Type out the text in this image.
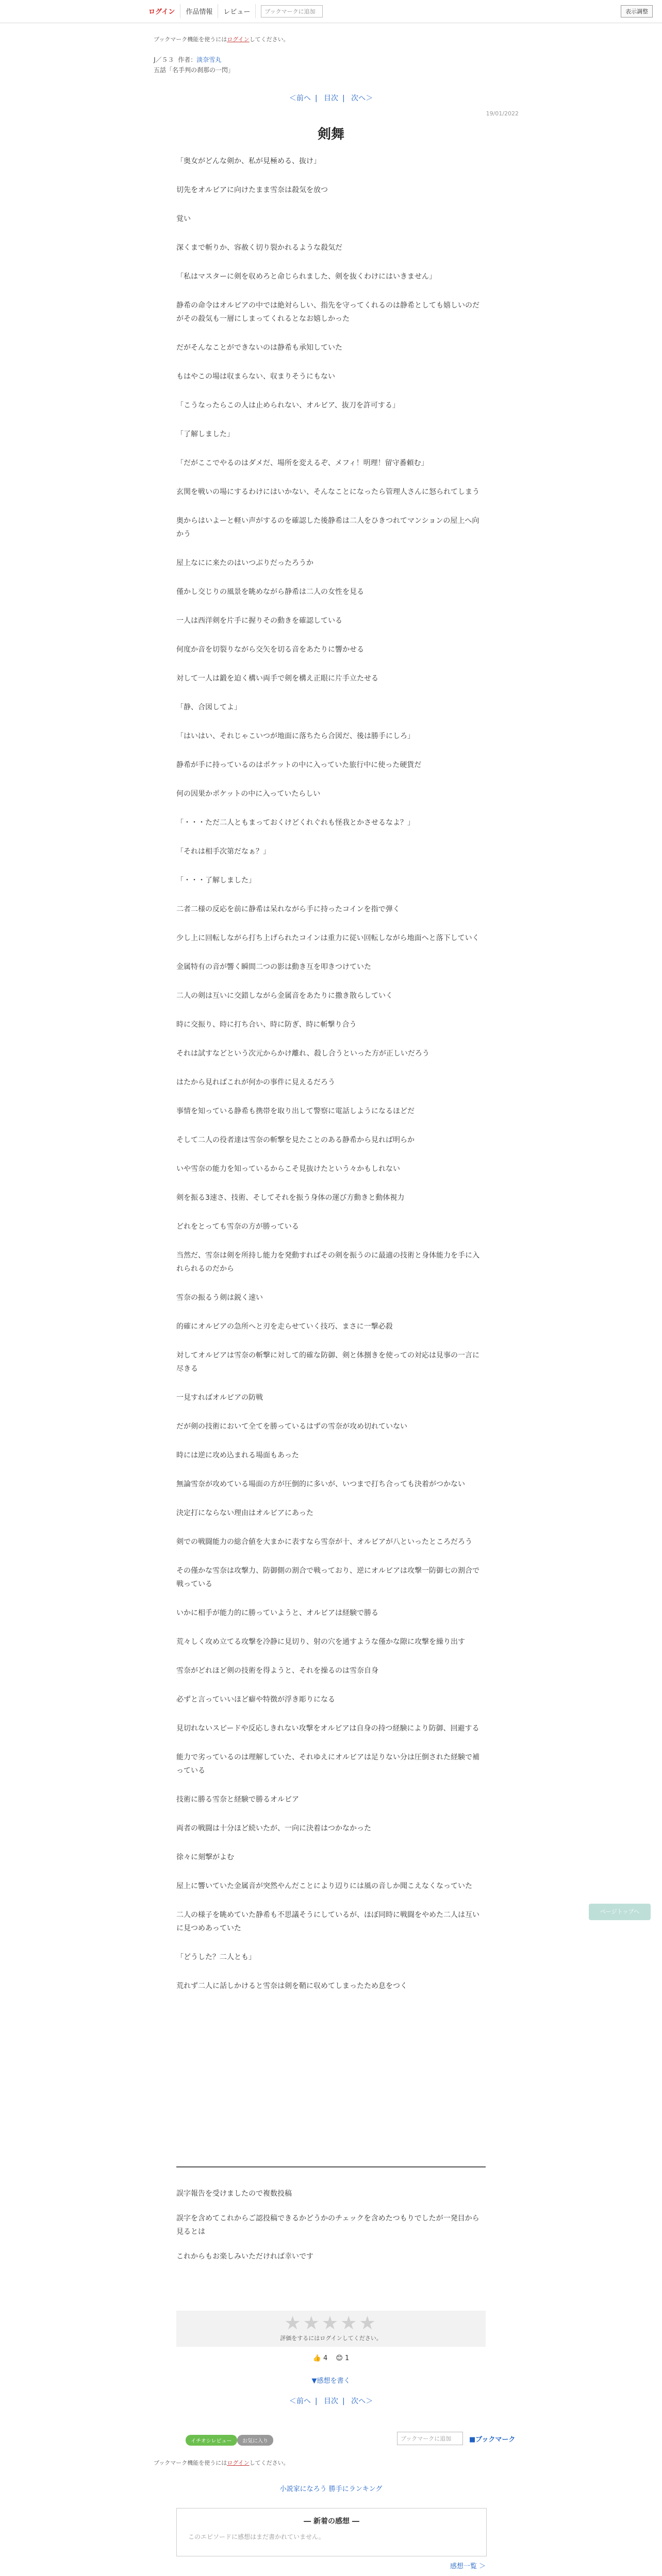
ログイン	作品情報	レビュー	ブックマークに追加	表示調整
ブックマーク機能を使うにはログインしてください。
J／５３ 作者：淡奈雪丸
五話「名手判の刹那の一閃」
＜前へ | 目次 | 次へ＞
19/01/2022
剣舞

「奥女がどんな剣か、私が見極める、抜け」

切先をオルビアに向けたまま雪奈は殺気を放つ

覚い

深くまで斬りか、容赦く切り裂かれるような殺気だ

「私はマスターに剣を収めろと命じられました、剣を抜くわけにはいきません」

静希の命令はオルビアの中では絶対らしい、指先を守ってくれるのは静希としても嬉しいのだがその殺気も一層にしまってくれるとなお嬉しかった

だがそんなことができないのは静希も承知していた

もはやこの場は収まらない、収まりそうにもない

「こうなったらこの人は止められない、オルビア、抜刀を許可する」

「了解しました」

「だがここでやるのはダメだ、場所を変えるぞ、メフィ！明理！留守番頼む」

玄関を戦いの場にするわけにはいかない、そんなことになったら管理人さんに怒られてしまう

奥からはいよーと軽い声がするのを確認した後静希は二人をひきつれてマンションの屋上へ向かう

屋上なにに来たのはいつぶりだったろうか

僅かし交じりの風景を眺めながら静希は二人の女性を見る

一人は西洋剣を片手に握りその動きを確認している

何度か音を切裂りながら交矢を切る音をあたりに響かせる

対して一人は鍛を迫く構い両手で剣を構え正眼に片手立たせる

「静、合図してよ」

「はいはい、それじゃこいつが地面に落ちたら合図だ、後は勝手にしろ」

静希が手に持っているのはポケットの中に入っていた旅行中に使った硬貨だ

何の因果かポケットの中に入っていたらしい

「・・・ただ二人ともまっておくけどくれぐれも怪我とかさせるなよ？」

「それは相手次第だなぁ？」

「・・・了解しました」

二者二様の反応を前に静希は呆れながら手に持ったコインを指で弾く

少し上に回転しながら打ち上げられたコインは重力に従い回転しながら地面へと落下していく

金属特有の音が響く瞬間二つの影は動き互を叩きつけていた

二人の剣は互いに交錯しながら金属音をあたりに撒き散らしていく

時に交振り、時に打ち合い、時に防ぎ、時に斬撃り合う

それは試すなどという次元からかけ離れ、殺し合うといった方が正しいだろう

はたから見ればこれが何かの事件に見えるだろう

事情を知っている静希も携帯を取り出して警察に電話しようになるほどだ

そして二人の役者達は雪奈の斬撃を見たことのある静希から見れば明らか

いや雪奈の能力を知っているからこそ見抜けたという々かもしれない

剣を振る3速さ、技術、そしてそれを振う身体の運び方動きと動体視力

どれをとっても雪奈の方が勝っている

当然だ、雪奈は剣を所持し能力を発動すればその剣を振うのに最適の技術と身体能力を手に入れられるのだから

雪奈の振るう剣は鋭く速い

的確にオルビアの急所へと刃を走らせていく技巧、まさに一撃必殺

対してオルビアは雪奈の斬撃に対して的確な防御、剣と体捌きを使っての対応は見事の一言に尽きる

一見すればオルビアの防戦

だが剣の技術において全てを勝っているはずの雪奈が攻め切れていない

時には逆に攻め込まれる場面もあった

無論雪奈が攻めている場面の方が圧倒的に多いが、いつまで打ち合っても決着がつかない

決定打にならない理由はオルビアにあった

剣での戦闘能力の総合値を大まかに表すなら雪奈が十、オルビアが八といったところだろう

その僅かな雪奈は攻撃力、防御側の割合で戦っており、逆にオルビアは攻撃一防御七の割合で戦っている

いかに相手が能力的に勝っていようと、オルビアは経験で勝る

荒々しく攻め立てる攻撃を冷静に見切り、射の穴を通すような僅かな隙に攻撃を繰り出す

雪奈がどれほど剣の技術を得ようと、それを操るのは雪奈自身

必ずと言っていいほど癖や特徴が浮き彫りになる

見切れないスピードや反応しきれない攻撃をオルビアは自身の持つ経験により防御、回避する

能力で劣っているのは理解していた、それゆえにオルビアは足りない分は圧倒された経験で補っている

技術に勝る雪奈と経験で勝るオルビア

両者の戦闘は十分ほど続いたが、一向に決着はつかなかった

徐々に刻撃がよむ

屋上に響いていた金属音が突然やんだことにより辺りには風の音しか聞こえなくなっていた

二人の様子を眺めていた静希も不思議そうにしているが、ほぼ同時に戦闘をやめた二人は互いに見つめあっていた

「どうした？二人とも」

荒れず二人に話しかけると雪奈は剣を鞘に収めてしまったため息をつく

誤字報告を受けましたので複数投稿

誤字を含めてこれからご認投稿できるかどうかのチェックを含めたつもりでしたが一発目から見るとは

これからもお楽しみいただければ幸いです

★★★★★
評価をするにはログインしてください。
👍 4 😊 1
▼感想を書く
＜前へ | 目次 | 次へ＞
イチオシレビュー	お気に入り	ブックマークに追加	■ブックマーク
ブックマーク機能を使うにはログインしてください。
小説家になろう 勝手にランキング
― 新着の感想 ―
このエピソードに感想はまだ書かれていません。
感想一覧 ＞
ページトップへ
